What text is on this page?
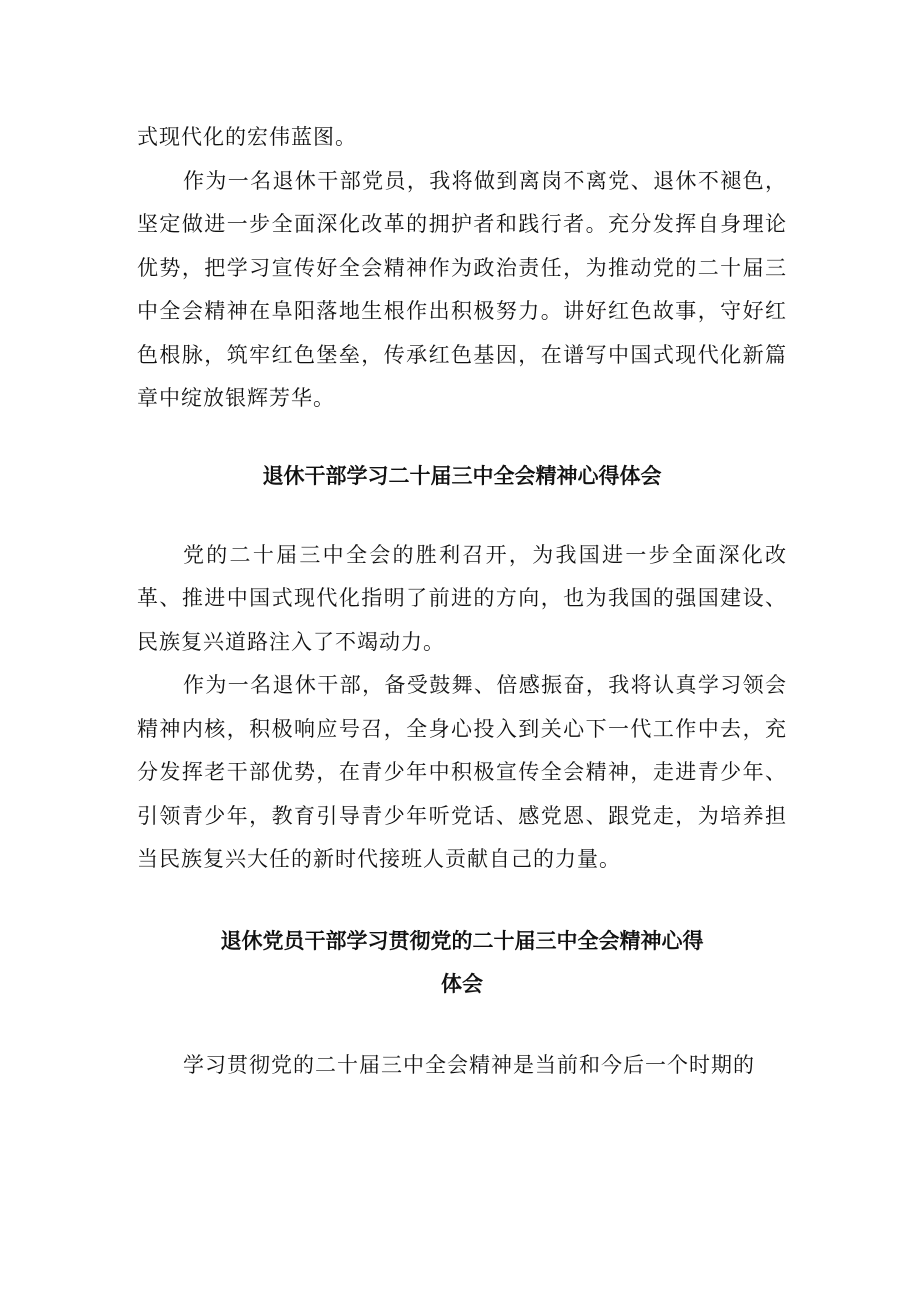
式现代化的宏伟蓝图。

作为一名退休干部党员，我将做到离岗不离党、退休不褪色，坚定做进一步全面深化改革的拥护者和践行者。充分发挥自身理论优势，把学习宣传好全会精神作为政治责任，为推动党的二十届三中全会精神在阜阳落地生根作出积极努力。讲好红色故事，守好红色根脉，筑牢红色堡垒，传承红色基因，在谱写中国式现代化新篇章中绽放银辉芳华。

退休干部学习二十届三中全会精神心得体会

党的二十届三中全会的胜利召开，为我国进一步全面深化改革、推进中国式现代化指明了前进的方向，也为我国的强国建设、民族复兴道路注入了不竭动力。

作为一名退休干部，备受鼓舞、倍感振奋，我将认真学习领会精神内核，积极响应号召，全身心投入到关心下一代工作中去，充分发挥老干部优势，在青少年中积极宣传全会精神，走进青少年、引领青少年，教育引导青少年听党话、感党恩、跟党走，为培养担当民族复兴大任的新时代接班人贡献自己的力量。

退休党员干部学习贯彻党的二十届三中全会精神心得
体会

学习贯彻党的二十届三中全会精神是当前和今后一个时期的
